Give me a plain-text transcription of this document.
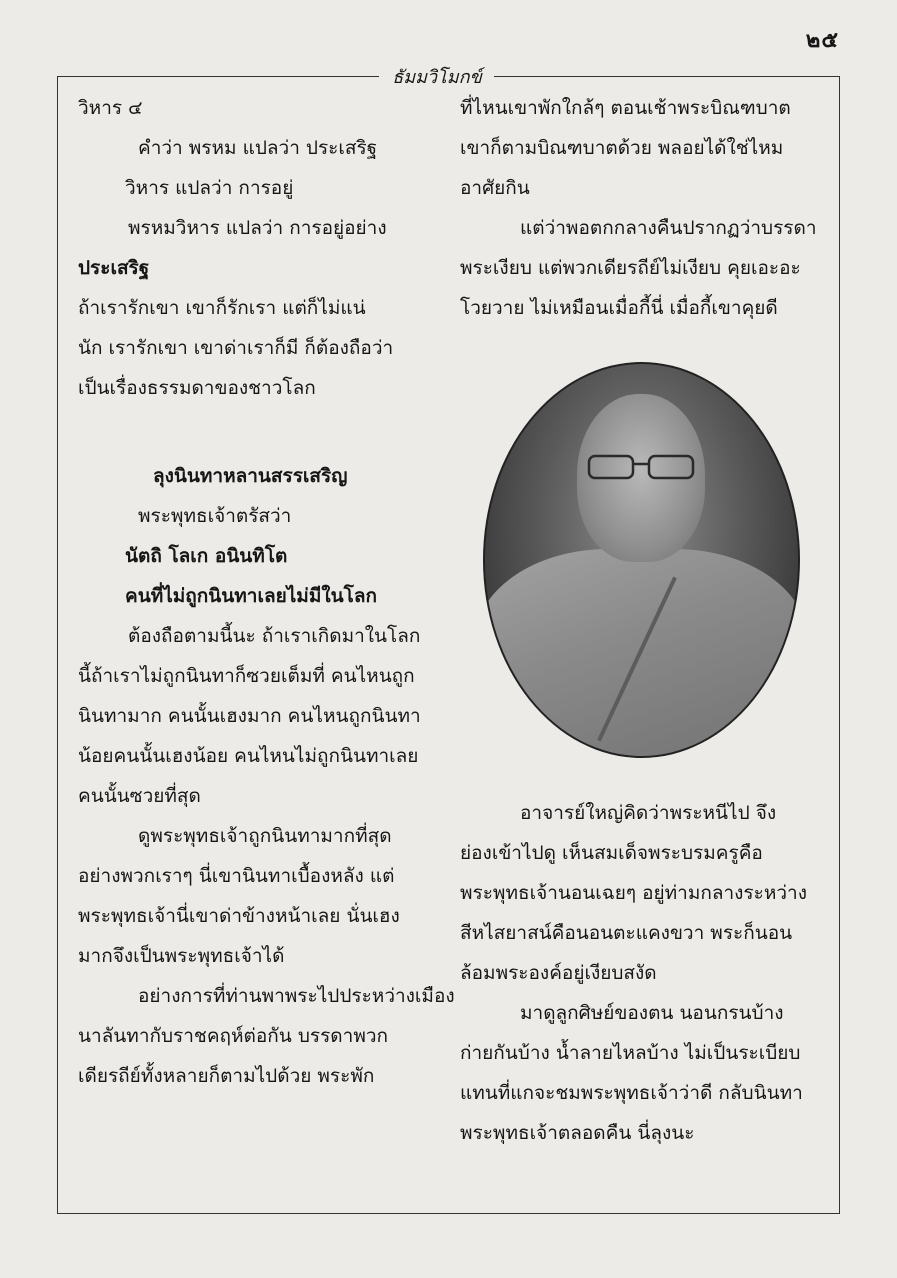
๒๕
ธัมมวิโมกข์
วิหาร ๔
คำว่า พรหม แปลว่า ประเสริฐ
วิหาร แปลว่า การอยู่
พรหมวิหาร แปลว่า การอยู่อย่าง
ประเสริฐ
ถ้าเรารักเขา เขาก็รักเรา แต่ก็ไม่แน่
นัก เรารักเขา เขาด่าเราก็มี ก็ต้องถือว่า
เป็นเรื่องธรรมดาของชาวโลก
ลุงนินทาหลานสรรเสริญ
พระพุทธเจ้าตรัสว่า
นัตถิ โลเก อนินทิโต
คนที่ไม่ถูกนินทาเลยไม่มีในโลก
ต้องถือตามนี้นะ ถ้าเราเกิดมาในโลก
นี้ถ้าเราไม่ถูกนินทาก็ซวยเต็มที่ คนไหนถูก
นินทามาก คนนั้นเฮงมาก คนไหนถูกนินทา
น้อยคนนั้นเฮงน้อย คนไหนไม่ถูกนินทาเลย
คนนั้นซวยที่สุด
ดูพระพุทธเจ้าถูกนินทามากที่สุด
อย่างพวกเราๆ นี่เขานินทาเบื้องหลัง แต่
พระพุทธเจ้านี่เขาด่าข้างหน้าเลย นั่นเฮง
มากจึงเป็นพระพุทธเจ้าได้
อย่างการที่ท่านพาพระไปประหว่างเมือง
นาลันทากับราชคฤห์ต่อกัน บรรดาพวก
เดียรถีย์ทั้งหลายก็ตามไปด้วย พระพัก
ที่ไหนเขาพักใกล้ๆ ตอนเช้าพระบิณฑบาต
เขาก็ตามบิณฑบาตด้วย พลอยได้ใช่ไหม
อาศัยกิน
แต่ว่าพอตกกลางคืนปรากฏว่าบรรดา
พระเงียบ แต่พวกเดียรถีย์ไม่เงียบ คุยเอะอะ
โวยวาย ไม่เหมือนเมื่อกี้นี่ เมื่อกี้เขาคุยดี
อาจารย์ใหญ่คิดว่าพระหนีไป จึง
ย่องเข้าไปดู เห็นสมเด็จพระบรมครูคือ
พระพุทธเจ้านอนเฉยๆ อยู่ท่ามกลางระหว่าง
สีหไสยาสน์คือนอนตะแคงขวา พระก็นอน
ล้อมพระองค์อยู่เงียบสงัด
มาดูลูกศิษย์ของตน นอนกรนบ้าง
ก่ายกันบ้าง น้ำลายไหลบ้าง ไม่เป็นระเบียบ
แทนที่แกจะชมพระพุทธเจ้าว่าดี กลับนินทา
พระพุทธเจ้าตลอดคืน นี่ลุงนะ
